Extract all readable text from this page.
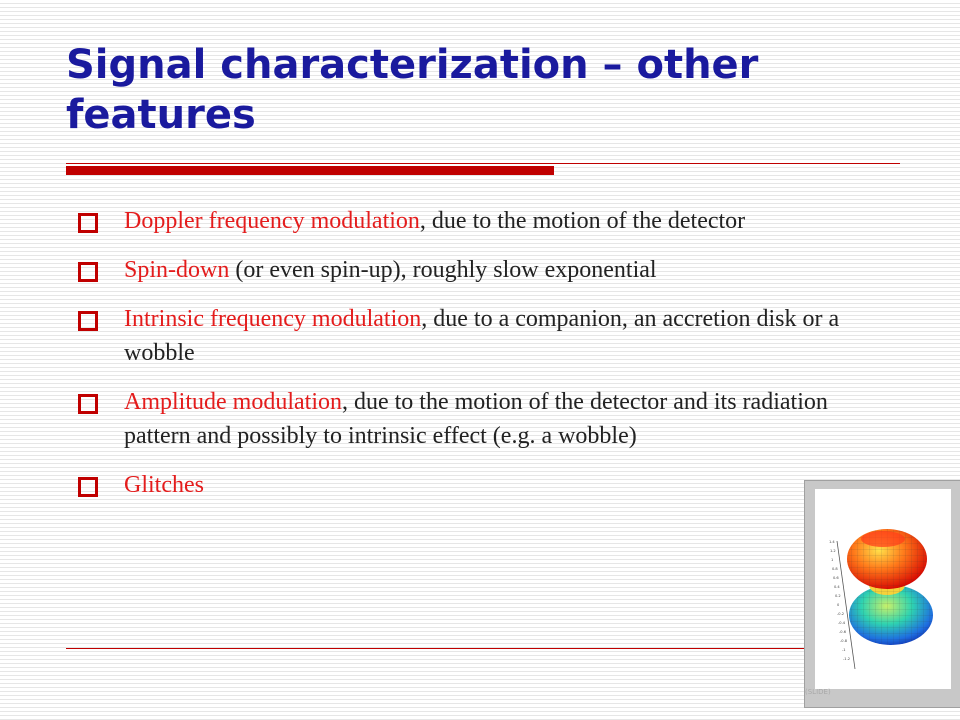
Signal characterization – other features
Doppler frequency modulation, due to the motion of the detector
Spin-down (or even spin-up), roughly slow exponential
Intrinsic frequency modulation, due to a companion, an accretion disk or a wobble
Amplitude modulation, due to the motion of the detector and its radiation pattern and possibly to intrinsic effect (e.g. a wobble)
Glitches
1.4
1.2
1
0.8
0.6
0.4
0.2
0
-0.2
-0.4
-0.6
-0.8
-1
-1.2
(SLIDE)
